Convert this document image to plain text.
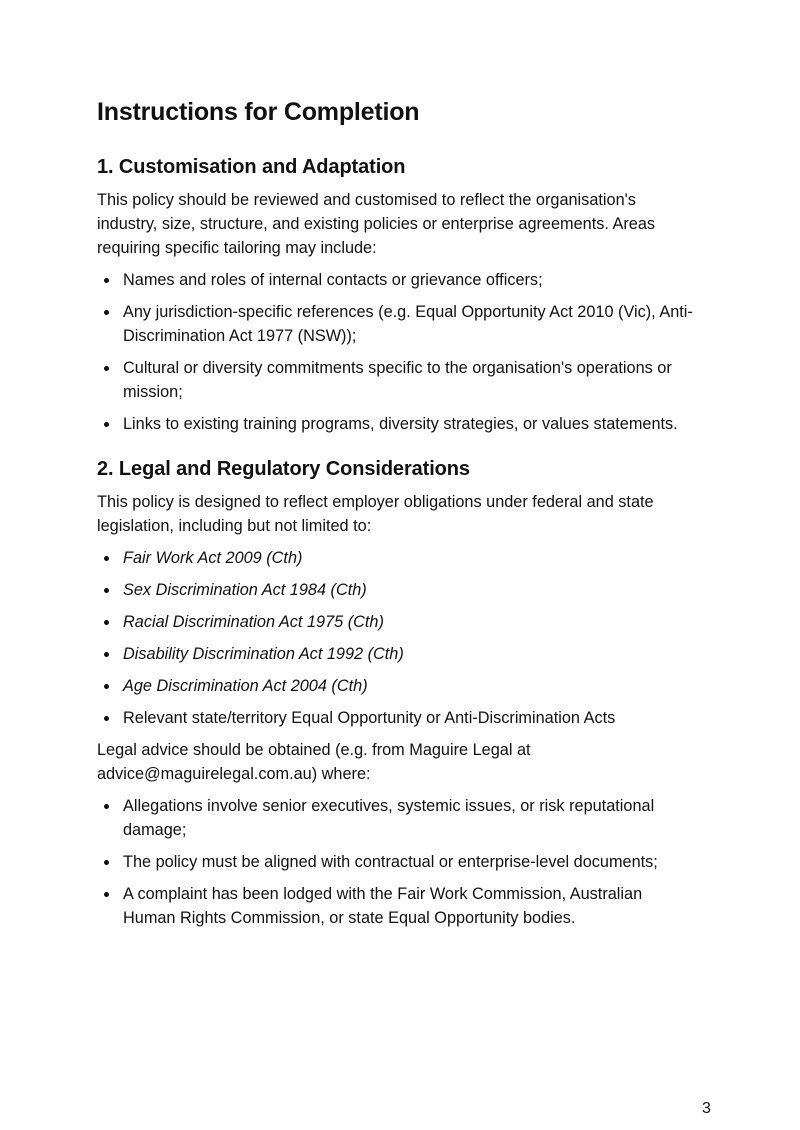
Instructions for Completion
1. Customisation and Adaptation

This policy should be reviewed and customised to reflect the organisation's industry, size, structure, and existing policies or enterprise agreements. Areas requiring specific tailoring may include:

Names and roles of internal contacts or grievance officers;
Any jurisdiction-specific references (e.g. Equal Opportunity Act 2010 (Vic), Anti-Discrimination Act 1977 (NSW));
Cultural or diversity commitments specific to the organisation's operations or mission;
Links to existing training programs, diversity strategies, or values statements.
2. Legal and Regulatory Considerations

This policy is designed to reflect employer obligations under federal and state legislation, including but not limited to:

Fair Work Act 2009 (Cth)
Sex Discrimination Act 1984 (Cth)
Racial Discrimination Act 1975 (Cth)
Disability Discrimination Act 1992 (Cth)
Age Discrimination Act 2004 (Cth)
Relevant state/territory Equal Opportunity or Anti-Discrimination Acts

Legal advice should be obtained (e.g. from Maguire Legal at advice@maguirelegal.com.au) where:

Allegations involve senior executives, systemic issues, or risk reputational damage;
The policy must be aligned with contractual or enterprise-level documents;
A complaint has been lodged with the Fair Work Commission, Australian Human Rights Commission, or state Equal Opportunity bodies.
3
